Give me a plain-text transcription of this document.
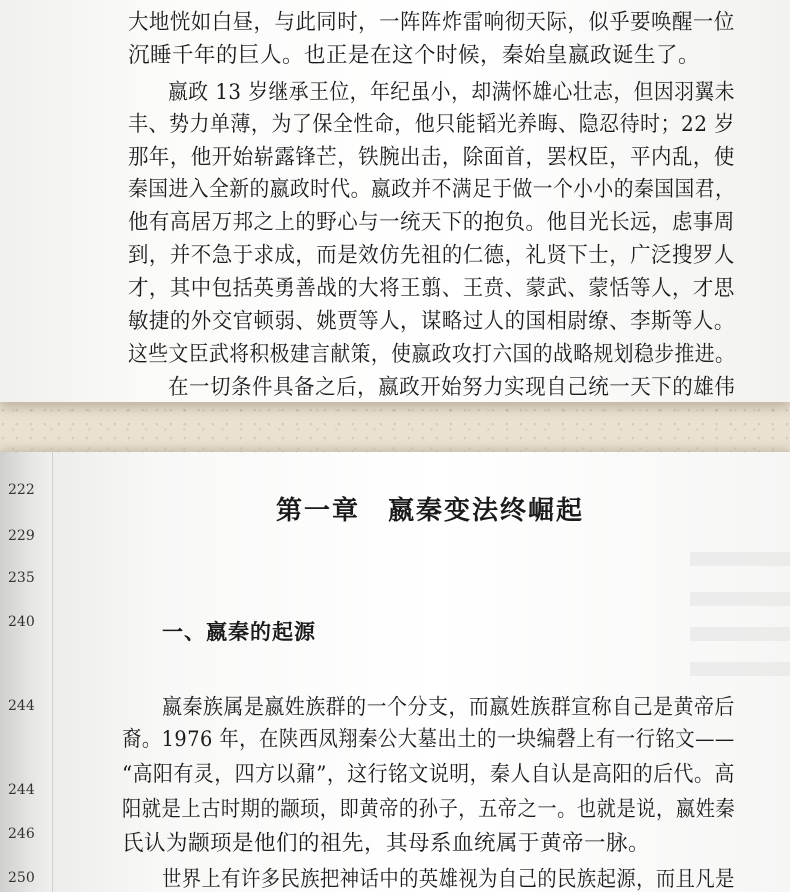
大地恍如白昼，与此同时，一阵阵炸雷响彻天际，似乎要唤醒一位
沉睡千年的巨人。也正是在这个时候，秦始皇嬴政诞生了。
嬴政 13 岁继承王位，年纪虽小，却满怀雄心壮志，但因羽翼未
丰、势力单薄，为了保全性命，他只能韬光养晦、隐忍待时；22 岁
那年，他开始崭露锋芒，铁腕出击，除面首，罢权臣，平内乱，使
秦国进入全新的嬴政时代。嬴政并不满足于做一个小小的秦国国君，
他有高居万邦之上的野心与一统天下的抱负。他目光长远，虑事周
到，并不急于求成，而是效仿先祖的仁德，礼贤下士，广泛搜罗人
才，其中包括英勇善战的大将王翦、王贲、蒙武、蒙恬等人，才思
敏捷的外交官顿弱、姚贾等人，谋略过人的国相尉缭、李斯等人。
这些文臣武将积极建言献策，使嬴政攻打六国的战略规划稳步推进。
在一切条件具备之后，嬴政开始努力实现自己统一天下的雄伟
222
229
235
240
244
244
246
250
第一章　嬴秦变法终崛起
一、嬴秦的起源
嬴秦族属是嬴姓族群的一个分支，而嬴姓族群宣称自己是黄帝后
裔。1976 年，在陕西凤翔秦公大墓出土的一块编磬上有一行铭文——
“高阳有灵，四方以鼐”，这行铭文说明，秦人自认是高阳的后代。高
阳就是上古时期的颛顼，即黄帝的孙子，五帝之一。也就是说，嬴姓秦
氏认为颛顼是他们的祖先，其母系血统属于黄帝一脉。
世界上有许多民族把神话中的英雄视为自己的民族起源，而且凡是
